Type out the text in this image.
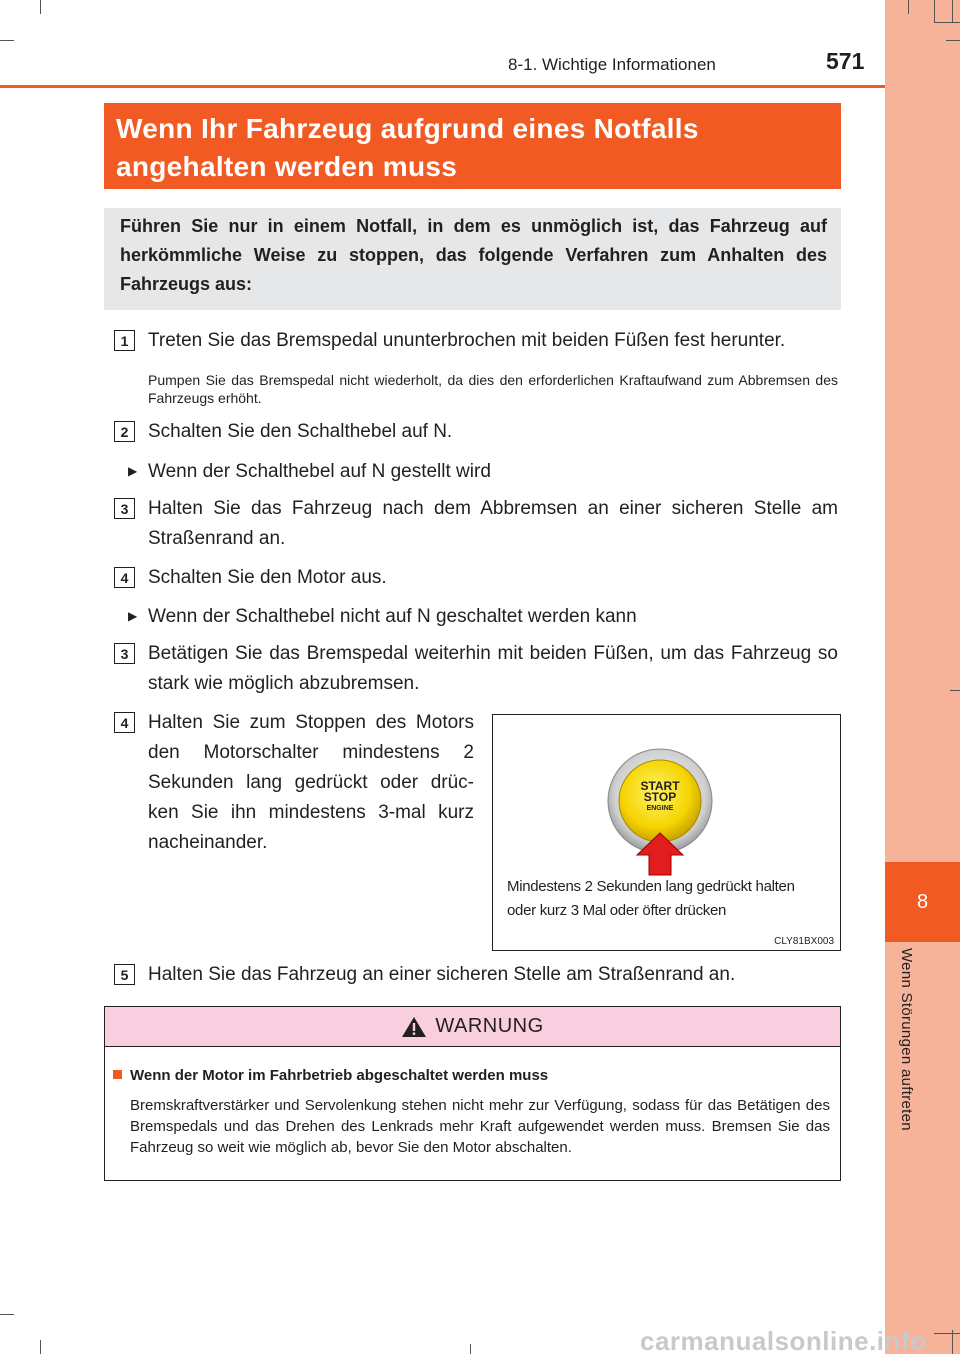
8
Wenn Störungen auftreten
8-1. Wichtige Informationen	571
Wenn Ihr Fahrzeug aufgrund eines Notfalls angehalten werden muss
Führen Sie nur in einem Notfall, in dem es unmöglich ist, das Fahrzeug auf herkömmliche Weise zu stoppen, das folgende Verfahren zum Anhalten des Fahrzeugs aus:
1	Treten Sie das Bremspedal ununterbrochen mit beiden Füßen fest herunter.
Pumpen Sie das Bremspedal nicht wiederholt, da dies den erforderlichen Kraftaufwand zum Abbremsen des Fahrzeugs erhöht.
2	Schalten Sie den Schalthebel auf N.
▶ Wenn der Schalthebel auf N gestellt wird
3	Halten Sie das Fahrzeug nach dem Abbremsen an einer sicheren Stelle am Straßenrand an.
4	Schalten Sie den Motor aus.
▶ Wenn der Schalthebel nicht auf N geschaltet werden kann
3	Betätigen Sie das Bremspedal weiterhin mit beiden Füßen, um das Fahrzeug so stark wie möglich abzubremsen.
4	Halten Sie zum Stoppen des Motors den Motorschalter mindestens 2 Sekunden lang gedrückt oder drüc-ken Sie ihn mindestens 3-mal kurz nacheinander.
START
STOP
ENGINE
Mindestens 2 Sekunden lang gedrückt halten oder kurz 3 Mal oder öfter drücken
CLY81BX003
5	Halten Sie das Fahrzeug an einer sicheren Stelle am Straßenrand an.
WARNUNG
Wenn der Motor im Fahrbetrieb abgeschaltet werden muss
Bremskraftverstärker und Servolenkung stehen nicht mehr zur Verfügung, sodass für das Betätigen des Bremspedals und das Drehen des Lenkrads mehr Kraft aufgewendet werden muss. Bremsen Sie das Fahrzeug so weit wie möglich ab, bevor Sie den Motor abschalten.
carmanualsonline.info
